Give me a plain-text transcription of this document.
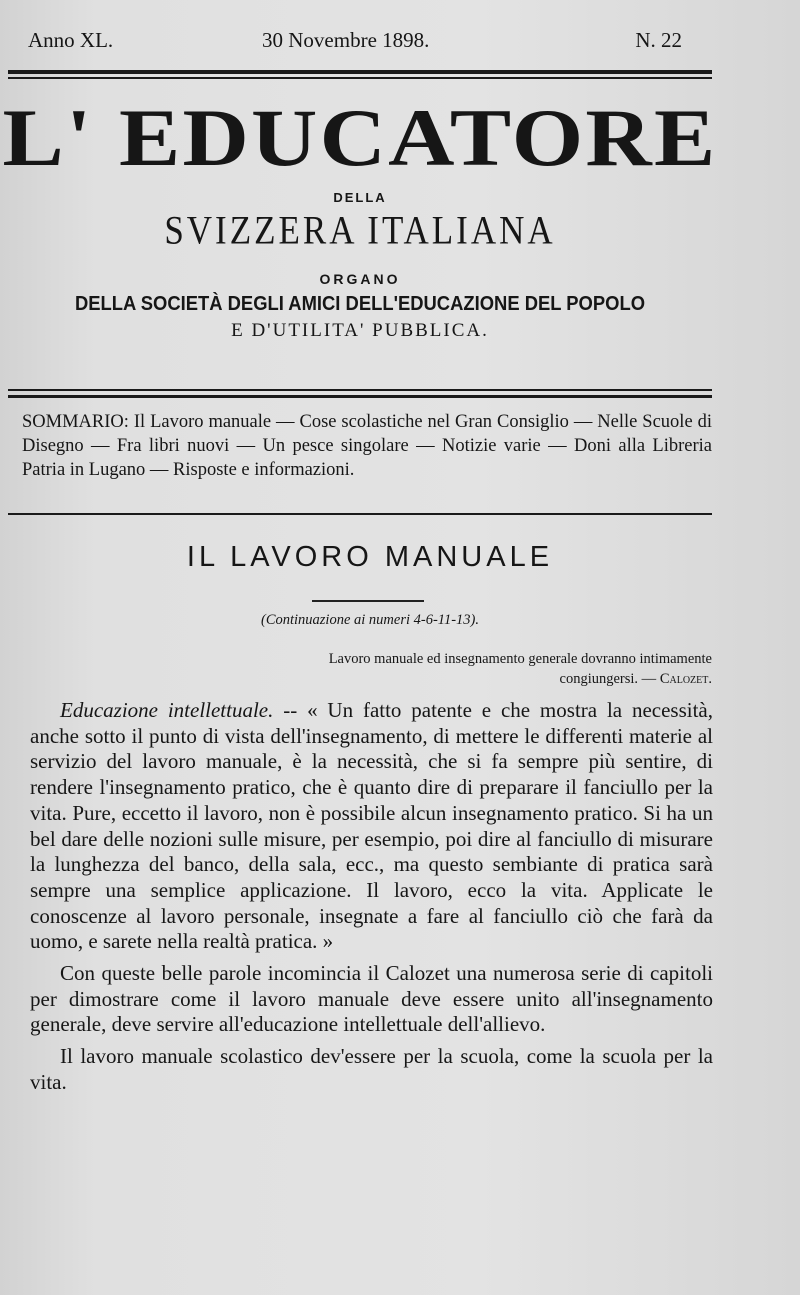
Anno XL.	30 Novembre 1898.	N. 22
L' EDUCATORE
DELLA
SVIZZERA ITALIANA
ORGANO
DELLA SOCIETÀ DEGLI AMICI DELL'EDUCAZIONE DEL POPOLO
E D'UTILITA' PUBBLICA.
SOMMARIO: Il Lavoro manuale — Cose scolastiche nel Gran Consiglio — Nelle Scuole di Disegno — Fra libri nuovi — Un pesce singolare — Notizie varie — Doni alla Libreria Patria in Lugano — Risposte e informazioni.
IL LAVORO MANUALE
(Continuazione ai numeri 4-6-11-13).
Lavoro manuale ed insegnamento generale dovranno intimamente congiungersi. — Calozet.

Educazione intellettuale. -- « Un fatto patente e che mostra la necessità, anche sotto il punto di vista dell'insegnamento, di mettere le differenti materie al servizio del lavoro manuale, è la necessità, che si fa sempre più sentire, di rendere l'insegnamento pratico, che è quanto dire di preparare il fanciullo per la vita. Pure, eccetto il lavoro, non è possibile alcun insegnamento pratico. Si ha un bel dare delle nozioni sulle misure, per esempio, poi dire al fanciullo di misurare la lunghezza del banco, della sala, ecc., ma questo sembiante di pratica sarà sempre una semplice applicazione. Il lavoro, ecco la vita. Applicate le conoscenze al lavoro personale, insegnate a fare al fanciullo ciò che farà da uomo, e sarete nella realtà pratica. »

Con queste belle parole incomincia il Calozet una numerosa serie di capitoli per dimostrare come il lavoro manuale deve essere unito all'insegnamento generale, deve servire all'educazione intellettuale dell'allievo.

Il lavoro manuale scolastico dev'essere per la scuola, come la scuola per la vita.
